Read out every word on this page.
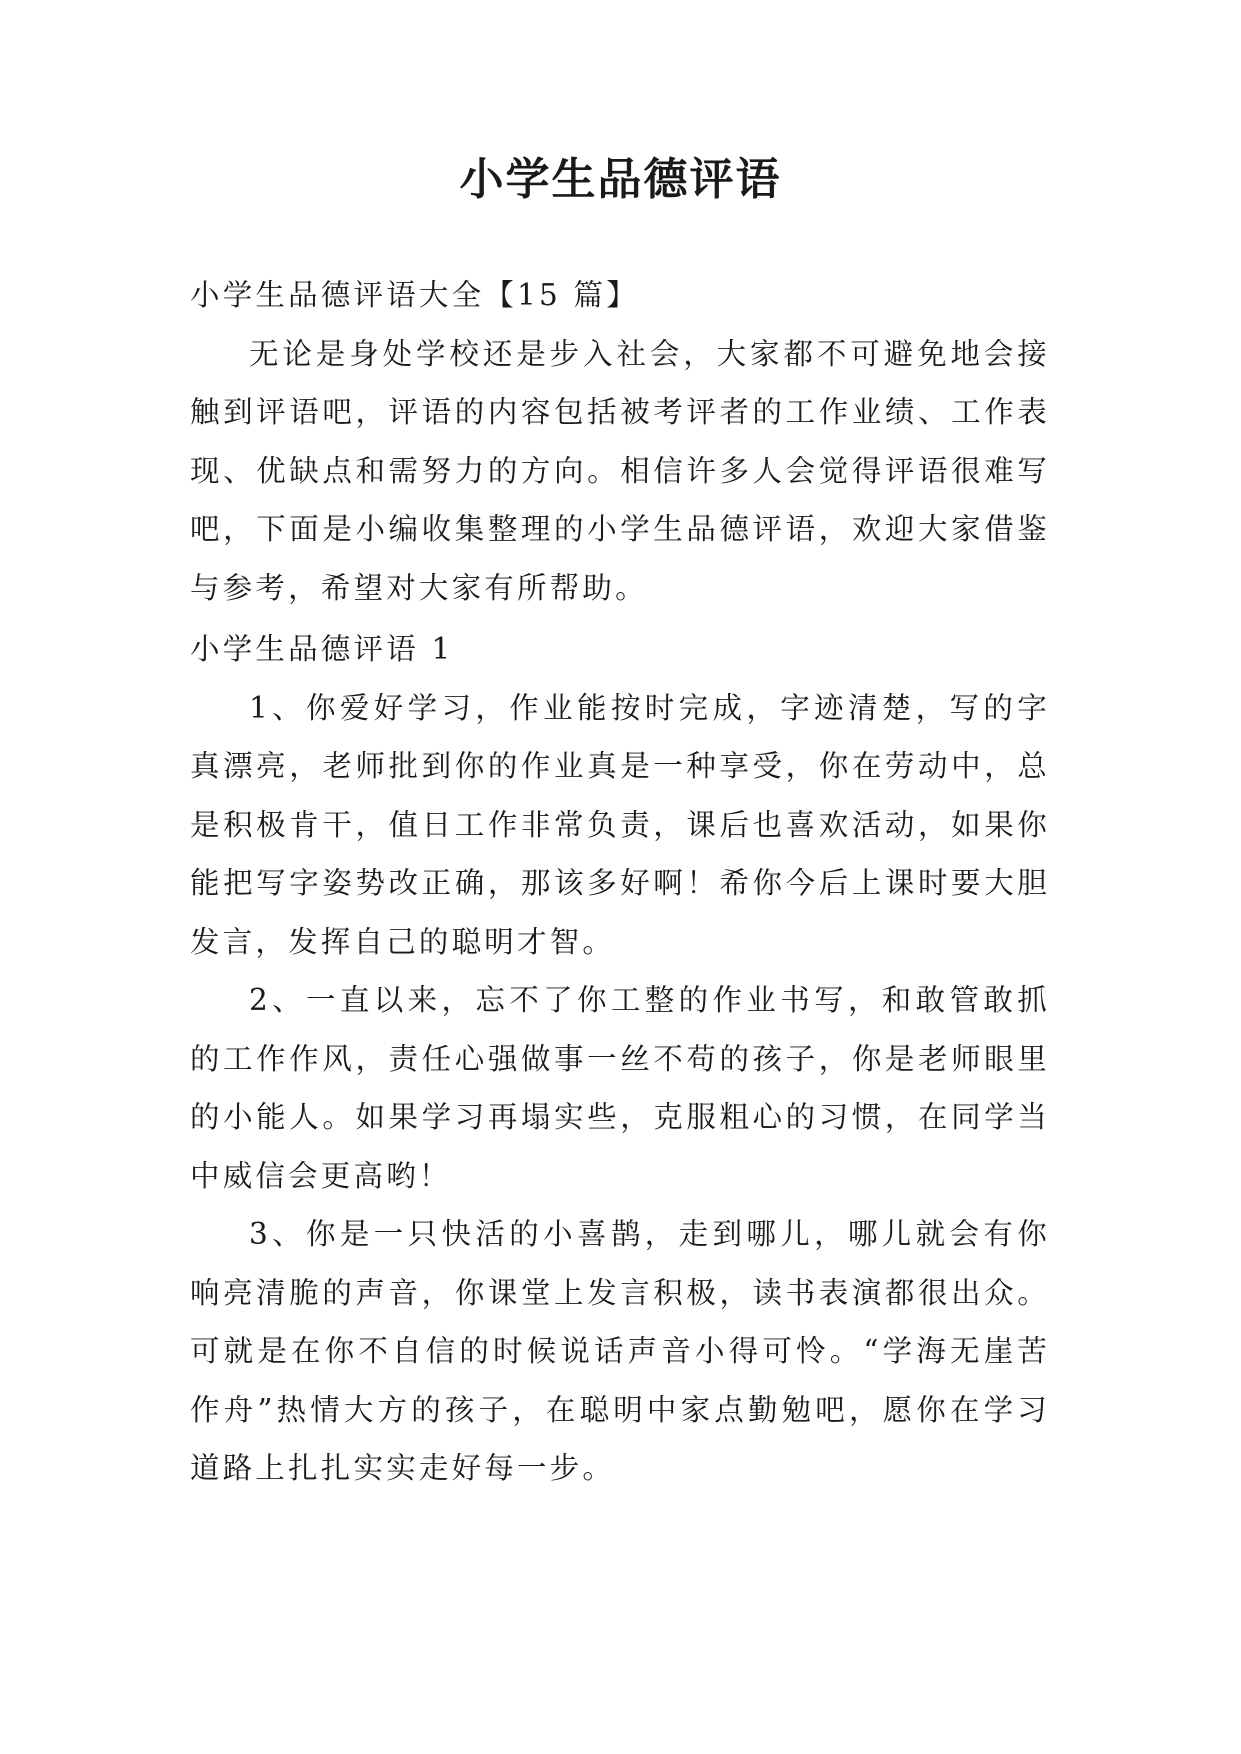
小学生品德评语

小学生品德评语大全【15 篇】

无论是身处学校还是步入社会，大家都不可避免地会接触到评语吧，评语的内容包括被考评者的工作业绩、工作表现、优缺点和需努力的方向。相信许多人会觉得评语很难写吧，下面是小编收集整理的小学生品德评语，欢迎大家借鉴与参考，希望对大家有所帮助。

小学生品德评语 1

1、你爱好学习，作业能按时完成，字迹清楚，写的字真漂亮，老师批到你的作业真是一种享受，你在劳动中，总是积极肯干，值日工作非常负责，课后也喜欢活动，如果你能把写字姿势改正确，那该多好啊！希你今后上课时要大胆发言，发挥自己的聪明才智。

2、一直以来，忘不了你工整的作业书写，和敢管敢抓的工作作风，责任心强做事一丝不苟的孩子，你是老师眼里的小能人。如果学习再塌实些，克服粗心的习惯，在同学当中威信会更高哟！

3、你是一只快活的小喜鹊，走到哪儿，哪儿就会有你响亮清脆的声音，你课堂上发言积极，读书表演都很出众。可就是在你不自信的时候说话声音小得可怜。“学海无崖苦作舟”热情大方的孩子，在聪明中家点勤勉吧，愿你在学习道路上扎扎实实走好每一步。
